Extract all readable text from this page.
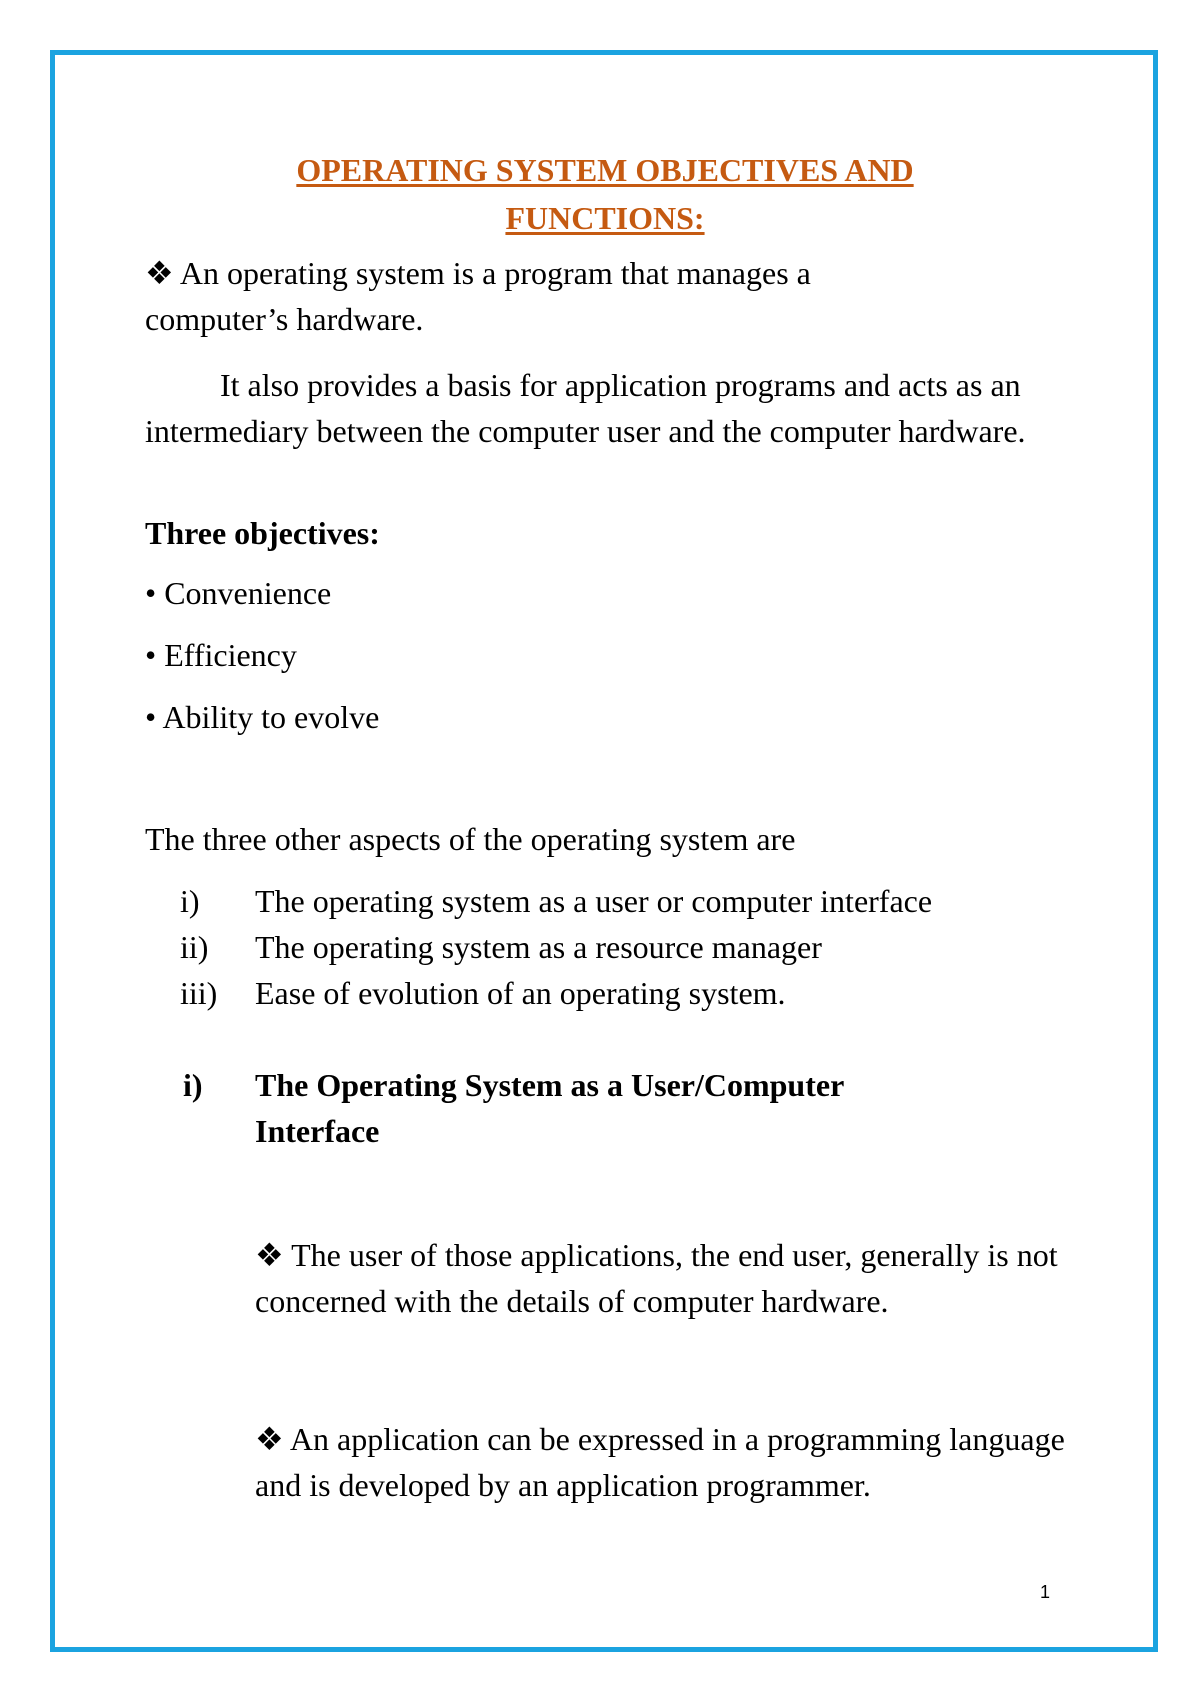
OPERATING SYSTEM OBJECTIVES AND
FUNCTIONS:

❖ An operating system is a program that manages a computer’s hardware.

It also provides a basis for application programs and acts as an intermediary between the computer user and the computer hardware.

Three objectives:

• Convenience

• Efficiency

• Ability to evolve

The three other aspects of the operating system are

i) The operating system as a user or computer interface
ii) The operating system as a resource manager
iii) Ease of evolution of an operating system.
i) The Operating System as a User/Computer Interface

❖ The user of those applications, the end user, generally is not concerned with the details of computer hardware.

❖ An application can be expressed in a programming language and is developed by an application programmer.

1
